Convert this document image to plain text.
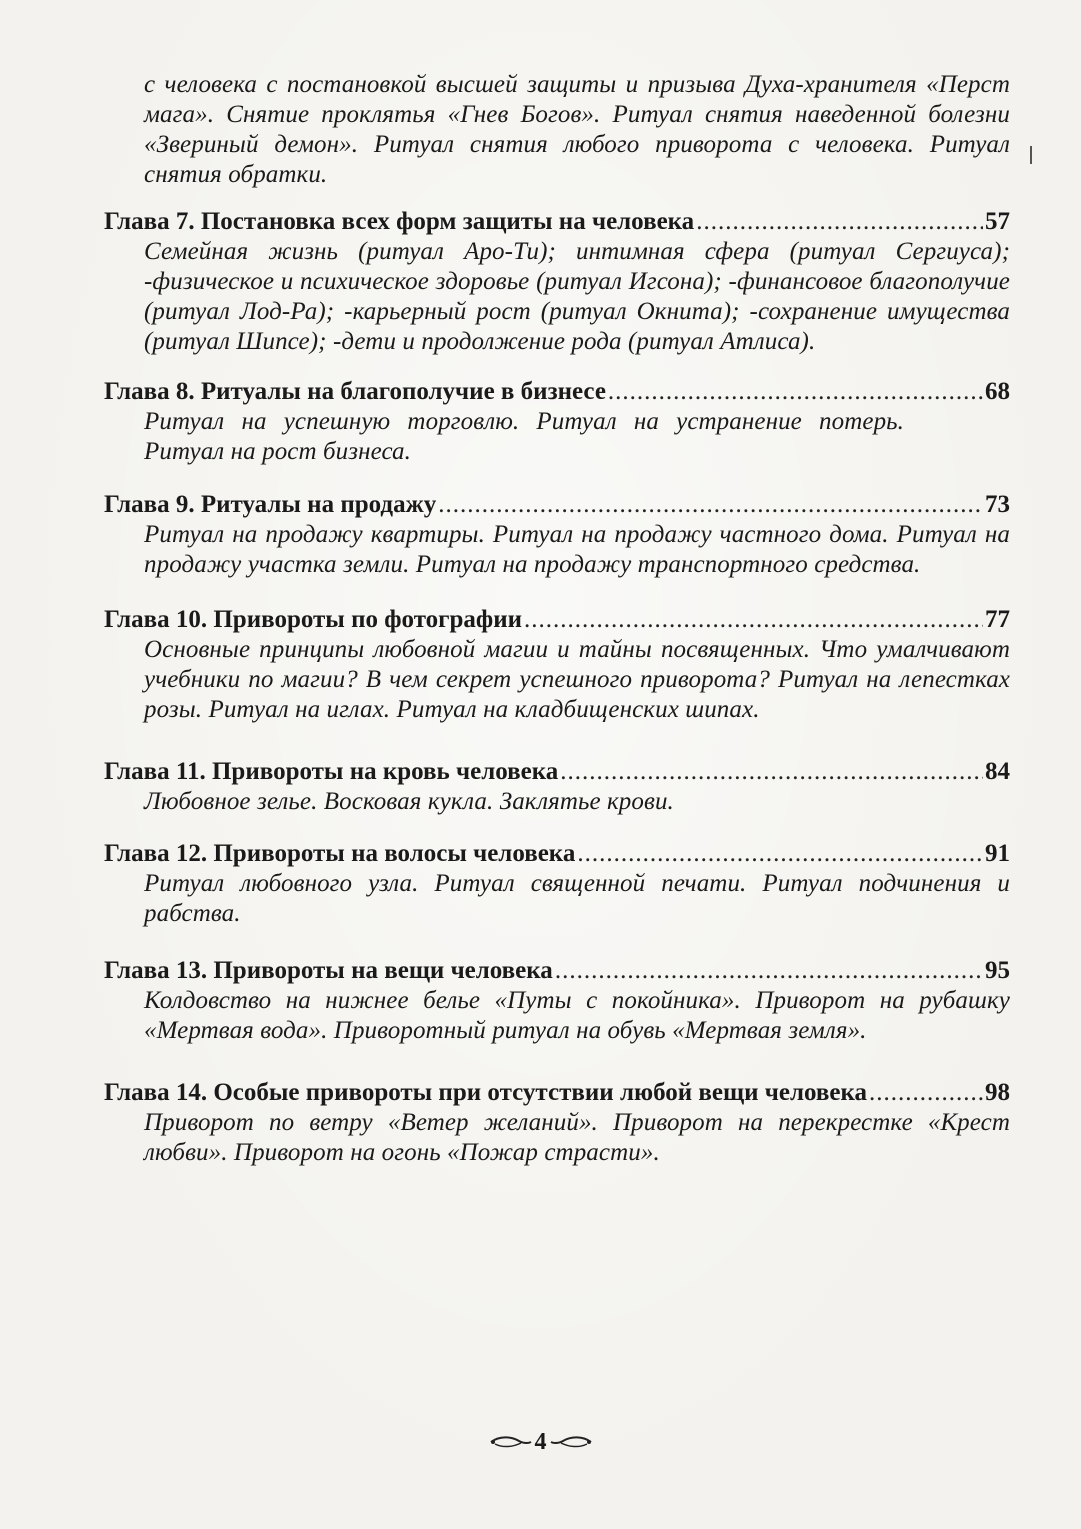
с человека с постановкой высшей защиты и призыва Духа-хранителя «Перст мага». Снятие проклятья «Гнев Богов». Ритуал снятия наведенной болезни «Звериный демон». Ритуал снятия любого приворота с человека. Ритуал снятия обратки.
Глава 7. Постановка всех форм защиты на человека .....	57
Семейная жизнь (ритуал Аро-Ти); интимная сфера (ритуал Сергиуса); -физическое и психическое здоровье (ритуал Игсона); -финансовое благополучие (ритуал Лод-Ра); -карьерный рост (ритуал Окнита); -сохранение имущества (ритуал Шипсе); -дети и продолжение рода (ритуал Атлиса).
Глава 8. Ритуалы на благополучие в бизнесе .....	68
Ритуал на успешную торговлю. Ритуал на устранение потерь. Ритуал на рост бизнеса.
Глава 9. Ритуалы на продажу .....	73
Ритуал на продажу квартиры. Ритуал на продажу частного дома. Ритуал на продажу участка земли. Ритуал на продажу транспортного средства.
Глава 10. Привороты по фотографии .....	77
Основные принципы любовной магии и тайны посвященных. Что умалчивают учебники по магии? В чем секрет успешного приворота? Ритуал на лепестках розы. Ритуал на иглах. Ритуал на кладбищенских шипах.
Глава 11. Привороты на кровь человека .....	84
Любовное зелье. Восковая кукла. Заклятье крови.
Глава 12. Привороты на волосы человека .....	91
Ритуал любовного узла. Ритуал священной печати. Ритуал подчинения и рабства.
Глава 13. Привороты на вещи человека .....	95
Колдовство на нижнее белье «Путы с покойника». Приворот на рубашку «Мертвая вода». Приворотный ритуал на обувь «Мертвая земля».
Глава 14. Особые привороты при отсутствии любой вещи человека .....	98
Приворот по ветру «Ветер желаний». Приворот на перекрестке «Крест любви». Приворот на огонь «Пожар страсти».
4
